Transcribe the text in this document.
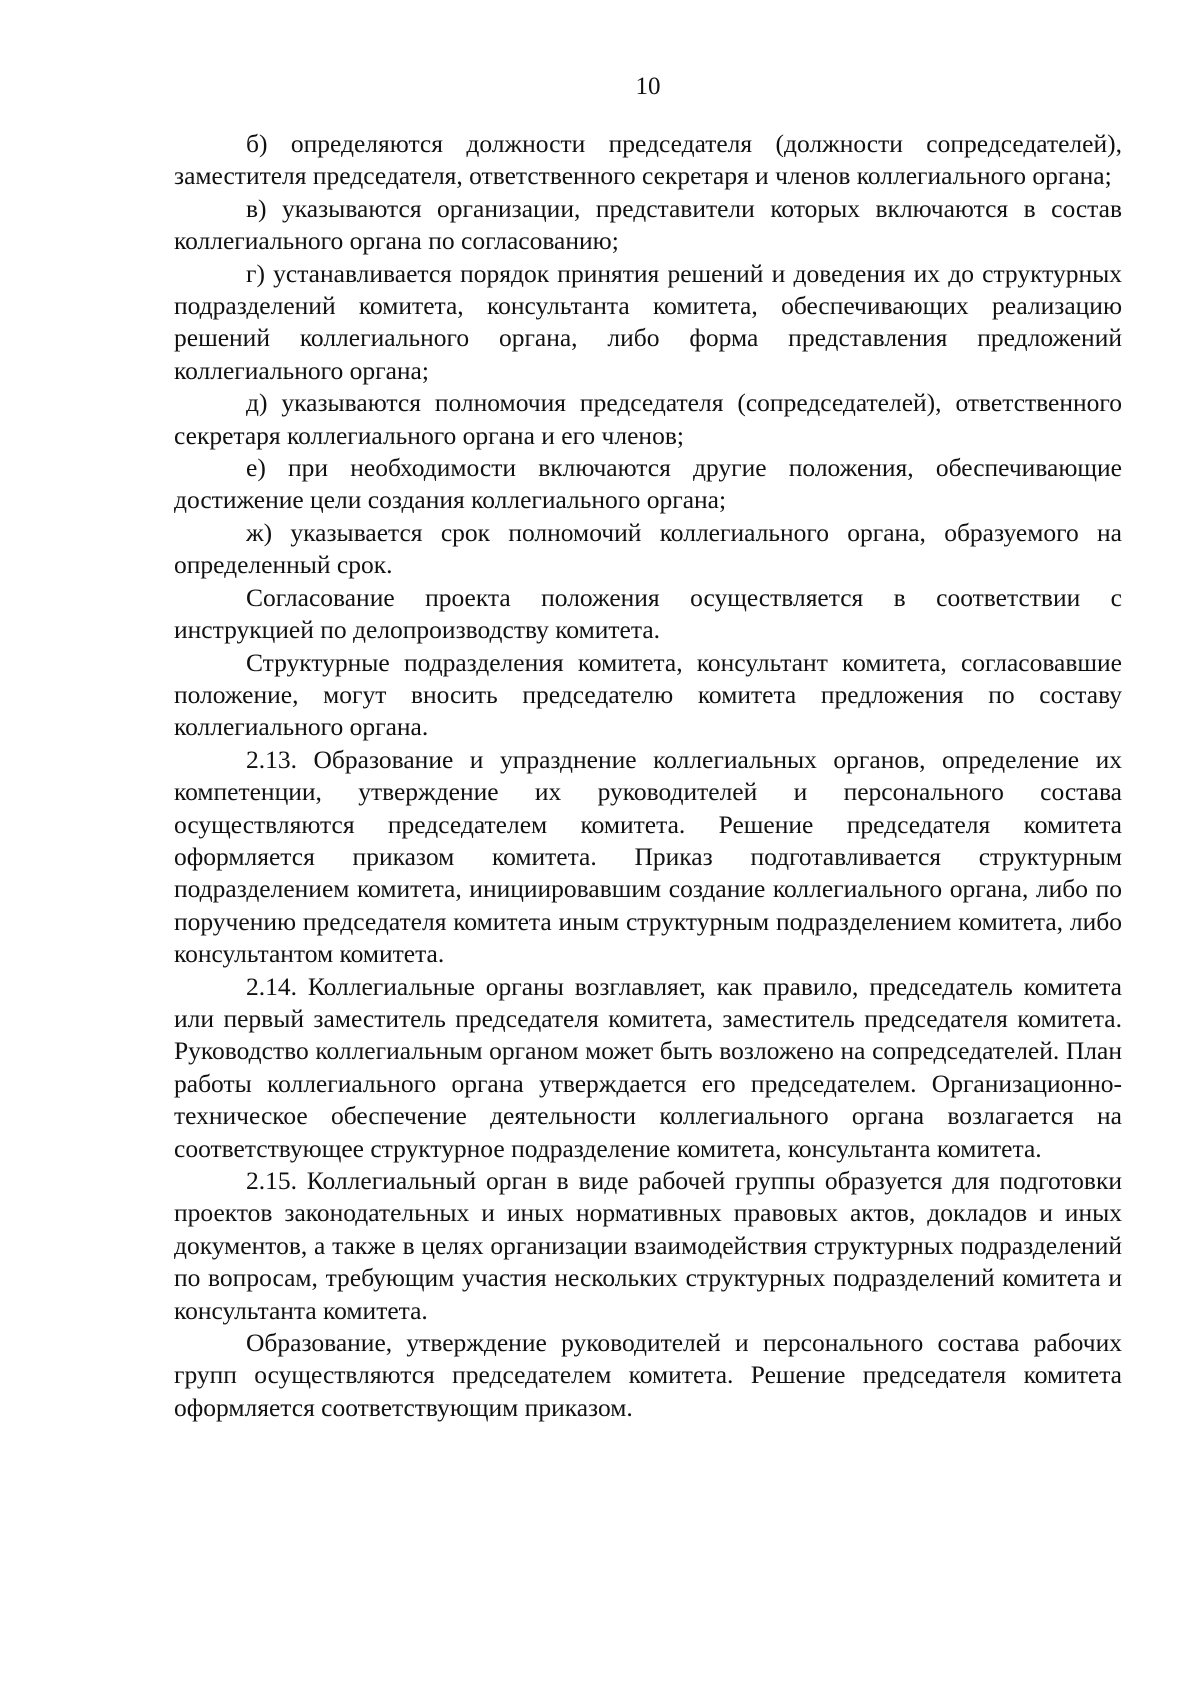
10

б) определяются должности председателя (должности сопредседателей), заместителя председателя, ответственного секретаря и членов коллегиального органа;

в) указываются организации, представители которых включаются в состав коллегиального органа по согласованию;

г) устанавливается порядок принятия решений и доведения их до структурных подразделений комитета, консультанта комитета, обеспечивающих реализацию решений коллегиального органа, либо форма представления предложений коллегиального органа;

д) указываются полномочия председателя (сопредседателей), ответственного секретаря коллегиального органа и его членов;

е) при необходимости включаются другие положения, обеспечивающие достижение цели создания коллегиального органа;

ж) указывается срок полномочий коллегиального органа, образуемого на определенный срок.

Согласование проекта положения осуществляется в соответствии с инструкцией по делопроизводству комитета.

Структурные подразделения комитета, консультант комитета, согласовавшие положение, могут вносить председателю комитета предложения по составу коллегиального органа.

2.13. Образование и упразднение коллегиальных органов, определение их компетенции, утверждение их руководителей и персонального состава осуществляются председателем комитета. Решение председателя комитета оформляется приказом комитета. Приказ подготавливается структурным подразделением комитета, инициировавшим создание коллегиального органа, либо по поручению председателя комитета иным структурным подразделением комитета, либо консультантом комитета.

2.14. Коллегиальные органы возглавляет, как правило, председатель комитета или первый заместитель председателя комитета, заместитель председателя комитета. Руководство коллегиальным органом может быть возложено на сопредседателей. План работы коллегиального органа утверждается его председателем. Организационно-техническое обеспечение деятельности коллегиального органа возлагается на соответствующее структурное подразделение комитета, консультанта комитета.

2.15. Коллегиальный орган в виде рабочей группы образуется для подготовки проектов законодательных и иных нормативных правовых актов, докладов и иных документов, а также в целях организации взаимодействия структурных подразделений по вопросам, требующим участия нескольких структурных подразделений комитета и консультанта комитета.

Образование, утверждение руководителей и персонального состава рабочих групп осуществляются председателем комитета. Решение председателя комитета оформляется соответствующим приказом.
